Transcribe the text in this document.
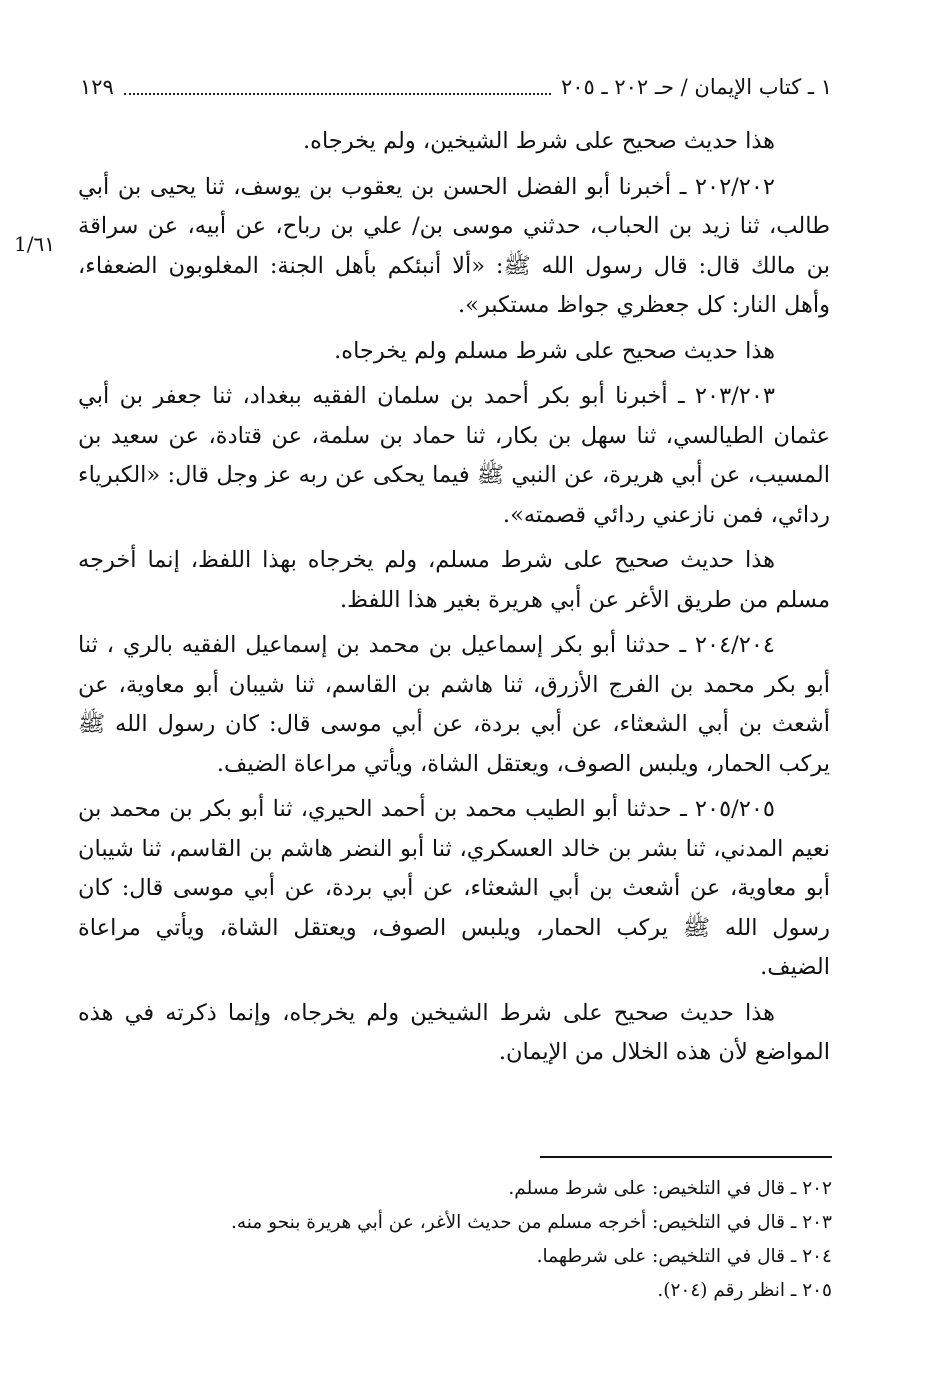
١ ـ كتاب الإيمان / حـ ٢٠٢ ـ ٢٠٥
١٢٩
1/٦١

هذا حديث صحيح على شرط الشيخين، ولم يخرجاه.

٢٠٢/٢٠٢ ـ أخبرنا أبو الفضل الحسن بن يعقوب بن يوسف، ثنا يحيى بن أبي طالب، ثنا زيد بن الحباب، حدثني موسى بن/ علي بن رباح، عن أبيه، عن سراقة بن مالك قال: قال رسول الله ﷺ: «ألا أنبئكم بأهل الجنة: المغلوبون الضعفاء، وأهل النار: كل جعظري جواظ مستكبر».

هذا حديث صحيح على شرط مسلم ولم يخرجاه.

٢٠٣/٢٠٣ ـ أخبرنا أبو بكر أحمد بن سلمان الفقيه ببغداد، ثنا جعفر بن أبي عثمان الطيالسي، ثنا سهل بن بكار، ثنا حماد بن سلمة، عن قتادة، عن سعيد بن المسيب، عن أبي هريرة، عن النبي ﷺ فيما يحكى عن ربه عز وجل قال: «الكبرياء ردائي، فمن نازعني ردائي قصمته».

هذا حديث صحيح على شرط مسلم، ولم يخرجاه بهذا اللفظ، إنما أخرجه مسلم من طريق الأغر عن أبي هريرة بغير هذا اللفظ.

٢٠٤/٢٠٤ ـ حدثنا أبو بكر إسماعيل بن محمد بن إسماعيل الفقيه بالري ، ثنا أبو بكر محمد بن الفرج الأزرق، ثنا هاشم بن القاسم، ثنا شيبان أبو معاوية، عن أشعث بن أبي الشعثاء، عن أبي بردة، عن أبي موسى قال: كان رسول الله ﷺ يركب الحمار، ويلبس الصوف، ويعتقل الشاة، ويأتي مراعاة الضيف.

٢٠٥/٢٠٥ ـ حدثنا أبو الطيب محمد بن أحمد الحيري، ثنا أبو بكر بن محمد بن نعيم المدني، ثنا بشر بن خالد العسكري، ثنا أبو النضر هاشم بن القاسم، ثنا شيبان أبو معاوية، عن أشعث بن أبي الشعثاء، عن أبي بردة، عن أبي موسى قال: كان رسول الله ﷺ يركب الحمار، ويلبس الصوف، ويعتقل الشاة، ويأتي مراعاة الضيف.

هذا حديث صحيح على شرط الشيخين ولم يخرجاه، وإنما ذكرته في هذه المواضع لأن هذه الخلال من الإيمان.

٢٠٢ ـ قال في التلخيص: على شرط مسلم.

٢٠٣ ـ قال في التلخيص: أخرجه مسلم من حديث الأغر، عن أبي هريرة بنحو منه.

٢٠٤ ـ قال في التلخيص: على شرطهما.

٢٠٥ ـ انظر رقم (٢٠٤).
